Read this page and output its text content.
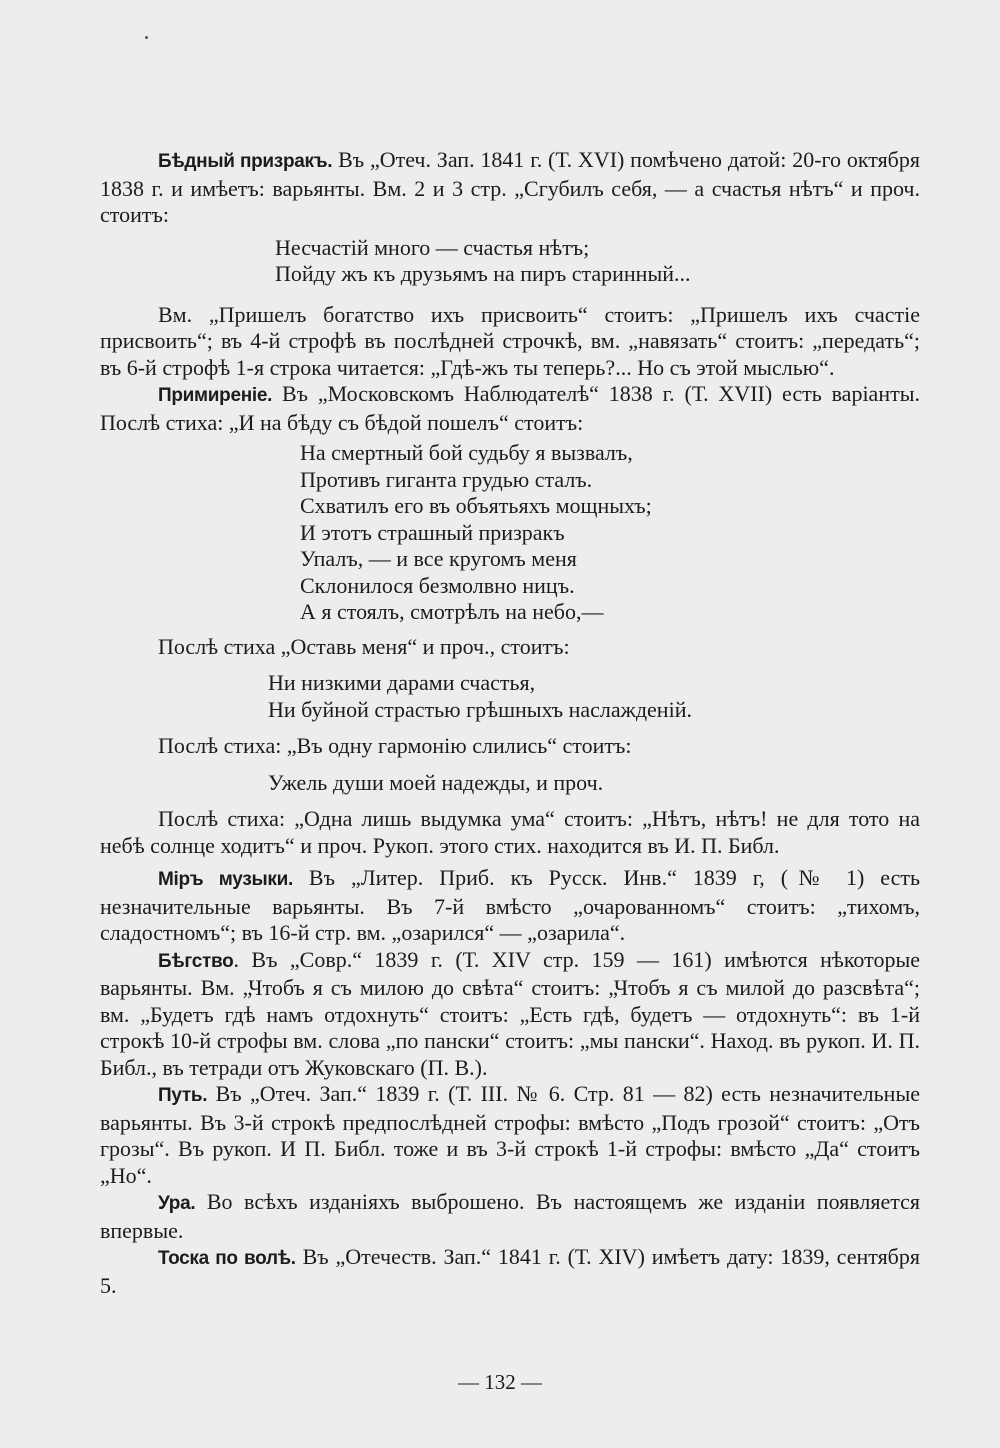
Бѣдный призракъ. Въ „Отеч. Зап. 1841 г. (Т. XVI) помѣчено датой: 20-го октября 1838 г. и имѣетъ: варьянты. Вм. 2 и 3 стр. „Сгубилъ себя, — а счастья нѣтъ“ и проч. стоитъ:

Несчастій много — счастья нѣтъ;
Пойду жъ къ друзьямъ на пиръ старинный...

Вм. „Пришелъ богатство ихъ присвоить“ стоитъ: „Пришелъ ихъ счастіе присвоить“; въ 4-й строфѣ въ послѣдней строчкѣ, вм. „навязать“ стоитъ: „передать“; въ 6-й строфѣ 1-я строка читается: „Гдѣ-жъ ты теперь?... Но съ этой мыслью“.

Примиреніе. Въ „Московскомъ Наблюдателѣ“ 1838 г. (Т. XVII) есть варіанты. Послѣ стиха: „И на бѣду съ бѣдой пошелъ“ стоитъ:

На смертный бой судьбу я вызвалъ,
Противъ гиганта грудью сталъ.
Схватилъ его въ объятьяхъ мощныхъ;
И этотъ страшный призракъ
Упалъ, — и все кругомъ меня
Склонилося безмолвно ницъ.
А я стоялъ, смотрѣлъ на небо,—

Послѣ стиха „Оставь меня“ и проч., стоитъ:

Ни низкими дарами счастья,
Ни буйной страстью грѣшныхъ наслажденій.

Послѣ стиха: „Въ одну гармонію слились“ стоитъ:

Ужель души моей надежды, и проч.

Послѣ стиха: „Одна лишь выдумка ума“ стоитъ: „Нѣтъ, нѣтъ! не для тото на небѣ солнце ходитъ“ и проч. Рукоп. этого стих. находится въ И. П. Библ.

Міръ музыки. Въ „Литер. Приб. къ Русск. Инв.“ 1839 г, (№ 1) есть незначительные варьянты. Въ 7-й вмѣсто „очарованномъ“ стоитъ: „тихомъ, сладостномъ“; въ 16-й стр. вм. „озарился“ — „озарила“.

Бѣгство. Въ „Совр.“ 1839 г. (Т. XIV стр. 159 — 161) имѣются нѣкоторые варьянты. Вм. „Чтобъ я съ милою до свѣта“ стоитъ: „Чтобъ я съ милой до разсвѣта“; вм. „Будетъ гдѣ намъ отдохнуть“ стоитъ: „Есть гдѣ, будетъ — отдохнуть“: въ 1-й строкѣ 10-й строфы вм. слова „по пански“ стоитъ: „мы пански“. Наход. въ рукоп. И. П. Библ., въ тетради отъ Жуковскаго (П. В.).

Путь. Въ „Отеч. Зап.“ 1839 г. (Т. III. № 6. Стр. 81 — 82) есть незначительные варьянты. Въ 3-й строкѣ предпослѣдней строфы: вмѣсто „Подъ грозой“ стоитъ: „Отъ грозы“. Въ рукоп. И П. Библ. тоже и въ 3-й строкѣ 1-й строфы: вмѣсто „Да“ стоитъ „Но“.

Ура. Во всѣхъ изданіяхъ выброшено. Въ настоящемъ же изданіи появляется впервые.

Тоска по волѣ. Въ „Отечеств. Зап.“ 1841 г. (Т. XIV) имѣетъ дату: 1839, сентября 5.

— 132 —
